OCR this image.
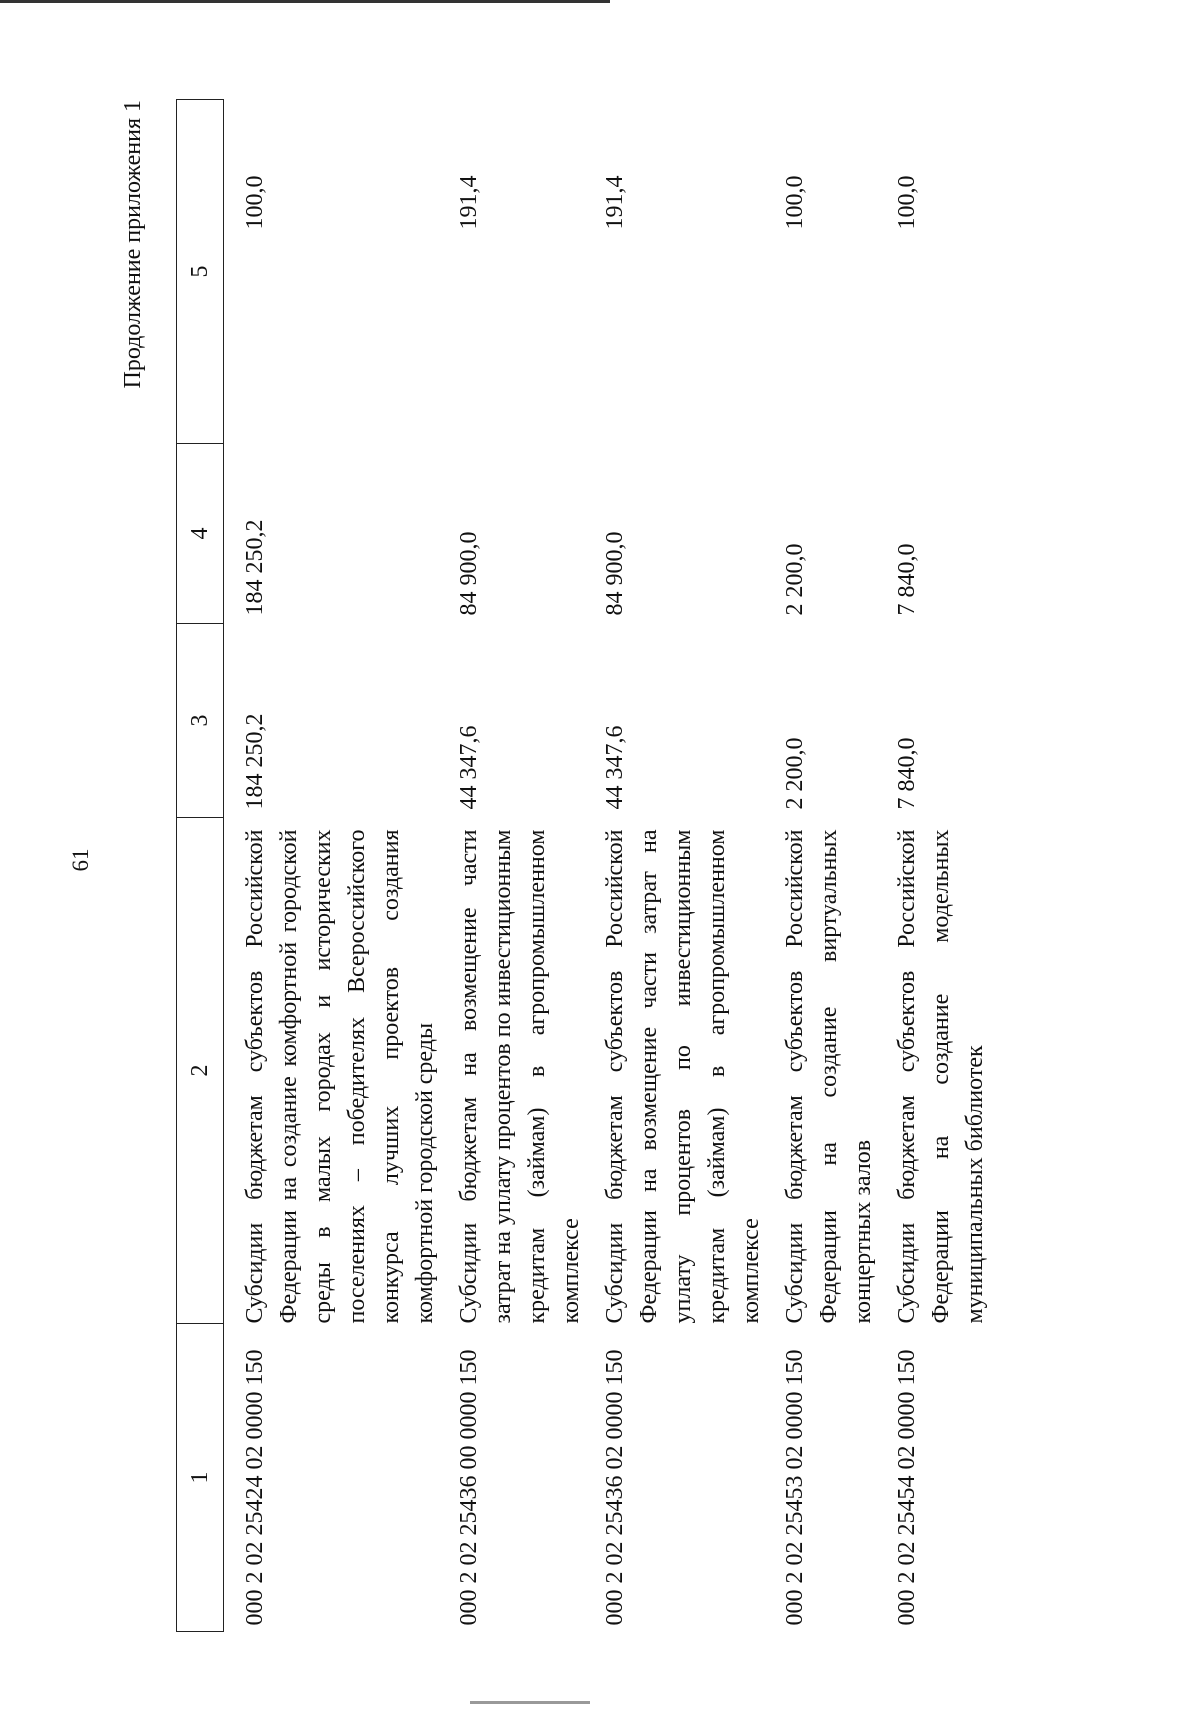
61
Продолжение приложения 1
1	2	3	4	5
000 2 02 25424 02 0000 150	Субсидии бюджетам субъектов Российской Федерации на создание комфортной городской среды в малых городах и исторических поселениях – победителях Всероссийского конкурса лучших проектов создания комфортной городской среды	184 250,2	184 250,2	100,0
000 2 02 25436 00 0000 150	Субсидии бюджетам на возмещение части затрат на уплату процентов по инвестиционным кредитам (займам) в агропромышленном комплексе	44 347,6	84 900,0	191,4
000 2 02 25436 02 0000 150	Субсидии бюджетам субъектов Российской Федерации на возмещение части затрат на уплату процентов по инвестиционным кредитам (займам) в агропромышленном комплексе	44 347,6	84 900,0	191,4
000 2 02 25453 02 0000 150	Субсидии бюджетам субъектов Российской Федерации на создание виртуальных концертных залов	2 200,0	2 200,0	100,0
000 2 02 25454 02 0000 150	Субсидии бюджетам субъектов Российской Федерации на создание модельных муниципальных библиотек	7 840,0	7 840,0	100,0
